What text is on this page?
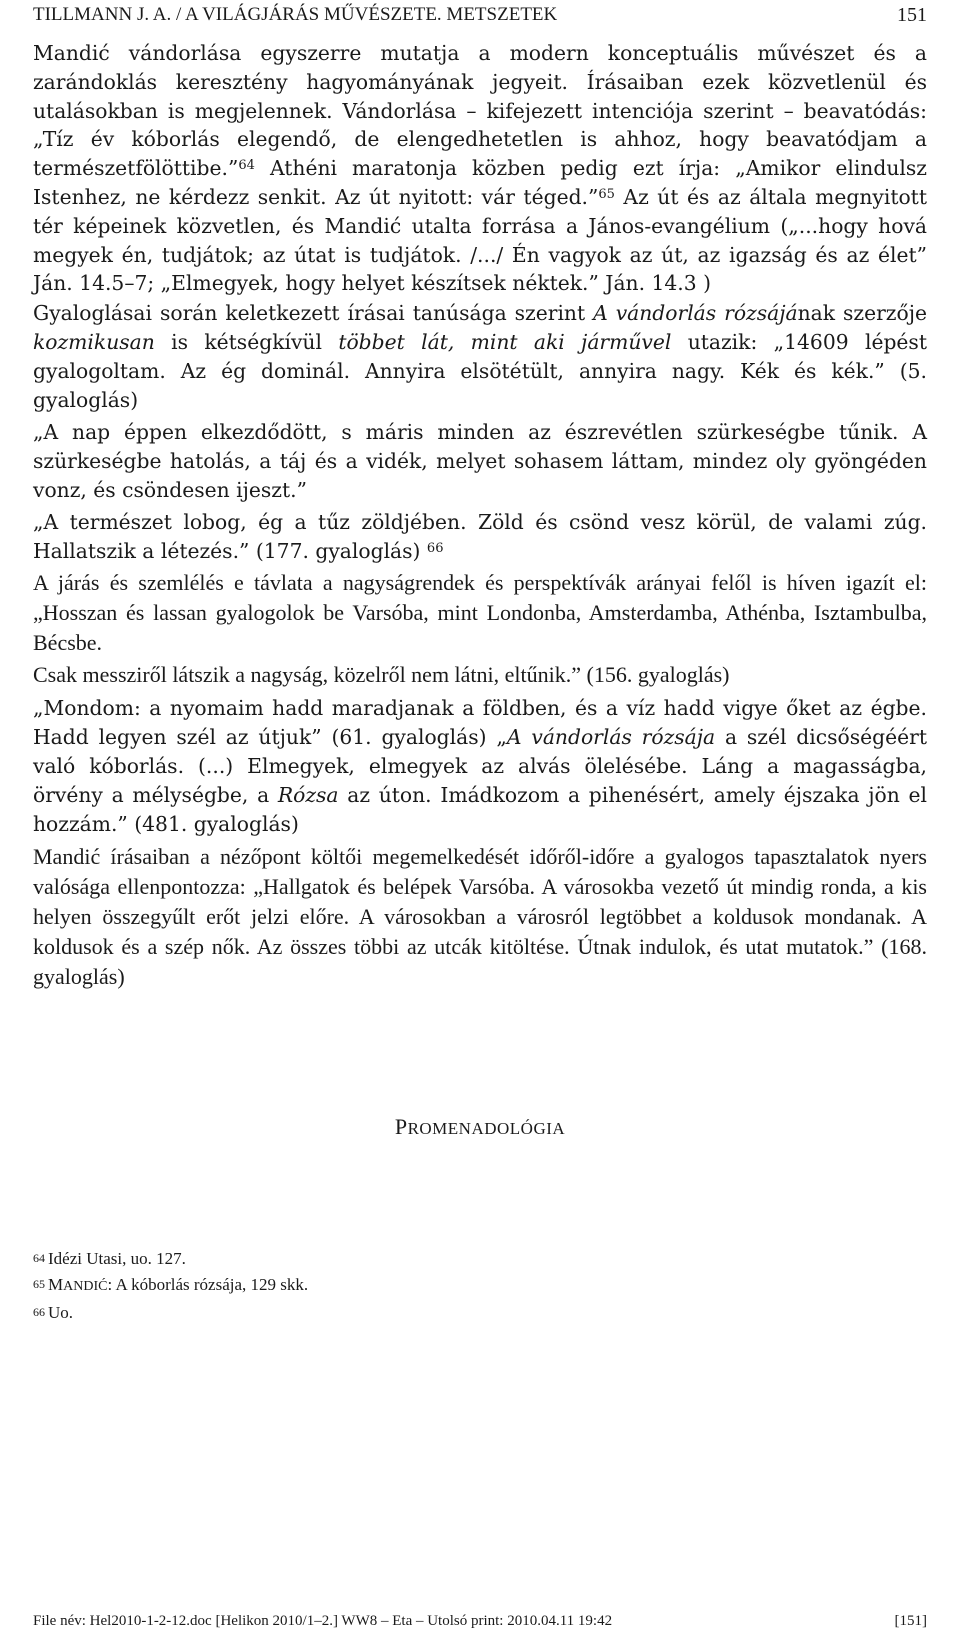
TILLMANN J. A. / A VILÁGJÁRÁS MŰVÉSZETE. METSZETEK	151

Mandić vándorlása egyszerre mutatja a modern konceptuális művészet és a zarándoklás keresztény hagyományának jegyeit. Írásaiban ezek közvetlenül és utalásokban is megjelennek. Vándorlása – kifejezett intenciója szerint – beavatódás: „Tíz év kóborlás elegendő, de elengedhetetlen is ahhoz, hogy beavatódjam a természetfölöttibe.”$^{64}$ Athéni maratonja közben pedig ezt írja: „Amikor elindulsz Istenhez, ne kérdezz senkit. Az út nyitott: vár téged.”$^{65}$ Az út és az általa megnyitott tér képeinek közvetlen, és Mandić utalta forrása a János-evangélium („...hogy hová megyek én, tudjátok; az útat is tudjátok. /.../ Én vagyok az út, az igazság és az élet” Ján. 14.5–7; „Elmegyek, hogy helyet készítsek néktek.” Ján. 14.3 )

Gyaloglásai során keletkezett írásai tanúsága szerint A vándorlás rózsájának szerzője kozmikusan is kétségkívül többet lát, mint aki járművel utazik: „14609 lépést gyalogoltam. Az ég dominál. Annyira elsötétült, annyira nagy. Kék és kék.” (5. gyaloglás)

„A nap éppen elkezdődött, s máris minden az észrevétlen szürkeségbe tűnik. A szürkeségbe hatolás, a táj és a vidék, melyet sohasem láttam, mindez oly gyöngéden vonz, és csöndesen ijeszt.”

„A természet lobog, ég a tűz zöldjében. Zöld és csönd vesz körül, de valami zúg. Hallatszik a létezés.” (177. gyaloglás) $^{66}$

A járás és szemlélés e távlata a nagyságrendek és perspektívák arányai felől is híven igazít el: „Hosszan és lassan gyalogolok be Varsóba, mint Londonba, Amsterdamba, Athénba, Isztambulba, Bécsbe.

Csak messziről látszik a nagyság, közelről nem látni, eltűnik.” (156. gyaloglás)

„Mondom: a nyomaim hadd maradjanak a földben, és a víz hadd vigye őket az égbe. Hadd legyen szél az útjuk” (61. gyaloglás) „A vándorlás rózsája a szél dicsőségéért való kóborlás. (...) Elmegyek, elmegyek az alvás ölelésébe. Láng a magasságba, örvény a mélységbe, a Rózsa az úton. Imádkozom a pihenésért, amely éjszaka jön el hozzám.” (481. gyaloglás)

Mandić írásaiban a nézőpont költői megemelkedését időről-időre a gyalogos tapasztalatok nyers valósága ellenpontozza: „Hallgatok és belépek Varsóba. A városokba vezető út mindig ronda, a kis helyen összegyűlt erőt jelzi előre. A városokban a városról legtöbbet a koldusok mondanak. A koldusok és a szép nők. Az összes többi az utcák kitöltése. Útnak indulok, és utat mutatok.” (168. gyaloglás)

PROMENADOLÓGIA
$^{64}$ Idézi Utasi, uo. 127.
$^{65}$ MANDIĆ: A kóborlás rózsája, 129 skk.
$^{66}$ Uo.
File név: Hel2010-1-2-12.doc [Helikon 2010/1–2.] WW8 – Eta – Utolsó print: 2010.04.11 19:42	[151]
